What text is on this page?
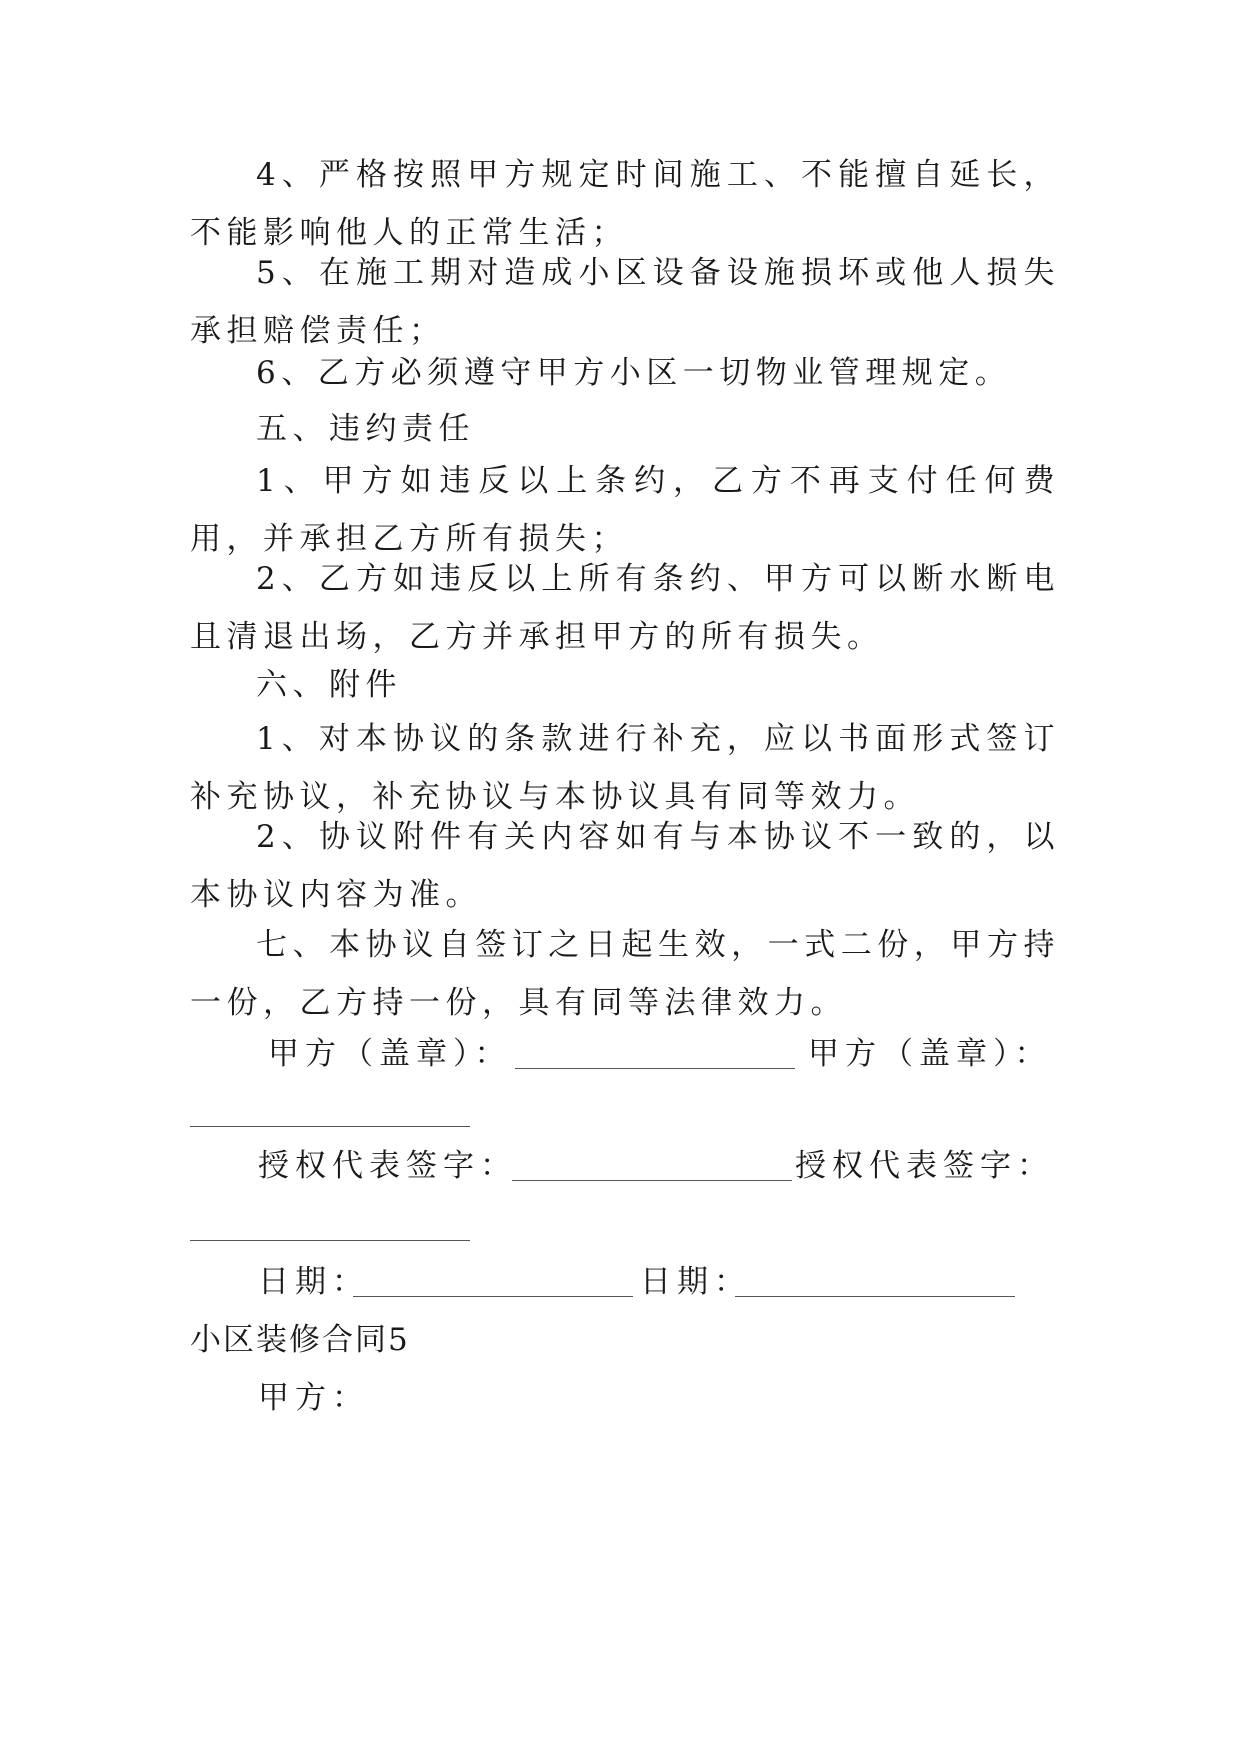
4、严格按照甲方规定时间施工、不能擅自延长，不能影响他人的正常生活；
5、在施工期对造成小区设备设施损坏或他人损失承担赔偿责任；
6、乙方必须遵守甲方小区一切物业管理规定。
五、违约责任
1、甲方如违反以上条约，乙方不再支付任何费用，并承担乙方所有损失；
2、乙方如违反以上所有条约、甲方可以断水断电且清退出场，乙方并承担甲方的所有损失。
六、附件
1、对本协议的条款进行补充，应以书面形式签订补充协议，补充协议与本协议具有同等效力。
2、协议附件有关内容如有与本协议不一致的，以本协议内容为准。
七、本协议自签订之日起生效，一式二份，甲方持一份，乙方持一份，具有同等法律效力。
甲方（盖章）：	甲方（盖章）：
授权代表签字：	授权代表签字：
日期：	日期：
小区装修合同5
甲方：
